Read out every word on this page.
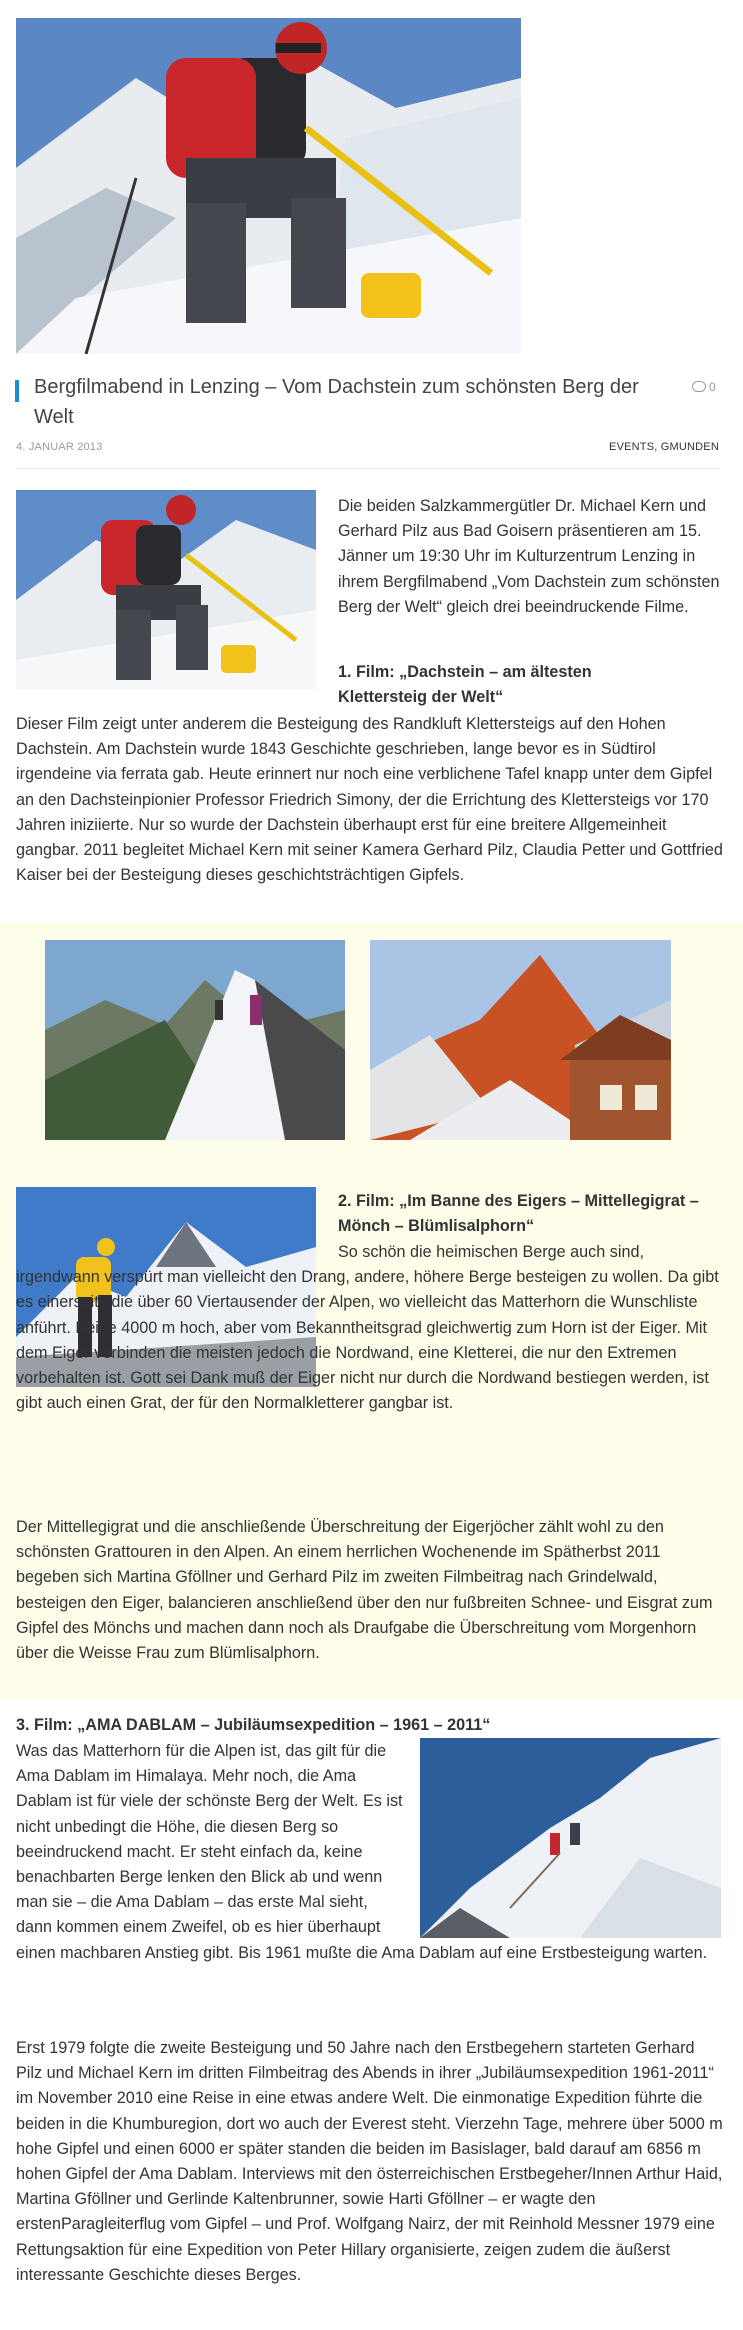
Bergfilmabend in Lenzing – Vom Dachstein zum schönsten Berg der Welt
0
4. JANUAR 2013	EVENTS, GMUNDEN
Die beiden Salzkammergütler Dr. Michael Kern und Gerhard Pilz aus Bad Goisern präsentieren am 15. Jänner um 19:30 Uhr im Kulturzentrum Lenzing in ihrem Bergfilmabend „Vom Dachstein zum schönsten Berg der Welt“ gleich drei beeindruckende Filme.
1. Film: „Dachstein – am ältesten Klettersteig der Welt“
Dieser Film zeigt unter anderem die Besteigung des Randkluft Klettersteigs auf den Hohen Dachstein. Am Dachstein wurde 1843 Geschichte geschrieben, lange bevor es in Südtirol irgendeine via ferrata gab. Heute erinnert nur noch eine verblichene Tafel knapp unter dem Gipfel an den Dachsteinpionier Professor Friedrich Simony, der die Errichtung des Klettersteigs vor 170 Jahren iniziierte. Nur so wurde der Dachstein überhaupt erst für eine breitere Allgemeinheit gangbar. 2011 begleitet Michael Kern mit seiner Kamera Gerhard Pilz, Claudia Petter und Gottfried Kaiser bei der Besteigung dieses geschichtsträchtigen Gipfels.
2. Film: „Im Banne des Eigers – Mittellegigrat – Mönch – Blümlisalphorn“
So schön die heimischen Berge auch sind, irgendwann verspürt man vielleicht den Drang, andere, höhere Berge besteigen zu wollen. Da gibt es einerseits die über 60 Viertausender der Alpen, wo vielleicht das Matterhorn die Wunschliste anführt. Keine 4000 m hoch, aber vom Bekanntheitsgrad gleichwertig zum Horn ist der Eiger. Mit dem Eiger verbinden die meisten jedoch die Nordwand, eine Kletterei, die nur den Extremen vorbehalten ist. Gott sei Dank muß der Eiger nicht nur durch die Nordwand bestiegen werden, ist gibt auch einen Grat, der für den Normalkletterer gangbar ist.
Der Mittellegigrat und die anschließende Überschreitung der Eigerjöcher zählt wohl zu den schönsten Grattouren in den Alpen. An einem herrlichen Wochenende im Spätherbst 2011 begeben sich Martina Gföllner und Gerhard Pilz im zweiten Filmbeitrag nach Grindelwald, besteigen den Eiger, balancieren anschließend über den nur fußbreiten Schnee- und Eisgrat zum Gipfel des Mönchs und machen dann noch als Draufgabe die Überschreitung vom Morgenhorn über die Weisse Frau zum Blümlisalphorn.
3. Film: „AMA DABLAM – Jubiläumsexpedition – 1961 – 2011“

Was das Matterhorn für die Alpen ist, das gilt für die Ama Dablam im Himalaya. Mehr noch, die Ama Dablam ist für viele der schönste Berg der Welt. Es ist nicht unbedingt die Höhe, die diesen Berg so beeindruckend macht. Er steht einfach da, keine benachbarten Berge lenken den Blick ab und wenn man sie – die Ama Dablam – das erste Mal sieht, dann kommen einem Zweifel, ob es hier überhaupt einen machbaren Anstieg gibt. Bis 1961 mußte die Ama Dablam auf eine Erstbesteigung warten.

Erst 1979 folgte die zweite Besteigung und 50 Jahre nach den Erstbegehern starteten Gerhard Pilz und Michael Kern im dritten Filmbeitrag des Abends in ihrer „Jubiläumsexpedition 1961-2011“ im November 2010 eine Reise in eine etwas andere Welt. Die einmonatige Expedition führte die beiden in die Khumburegion, dort wo auch der Everest steht. Vierzehn Tage, mehrere über 5000 m hohe Gipfel und einen 6000 er später standen die beiden im Basislager, bald darauf am 6856 m hohen Gipfel der Ama Dablam. Interviews mit den österreichischen Erstbegeher/Innen Arthur Haid, Martina Gföllner und Gerlinde Kaltenbrunner, sowie Harti Gföllner – er wagte den erstenParagleiterflug vom Gipfel – und Prof. Wolfgang Nairz, der mit Reinhold Messner 1979 eine Rettungsaktion für eine Expedition von Peter Hillary organisierte, zeigen zudem die äußerst interessante Geschichte dieses Berges.
